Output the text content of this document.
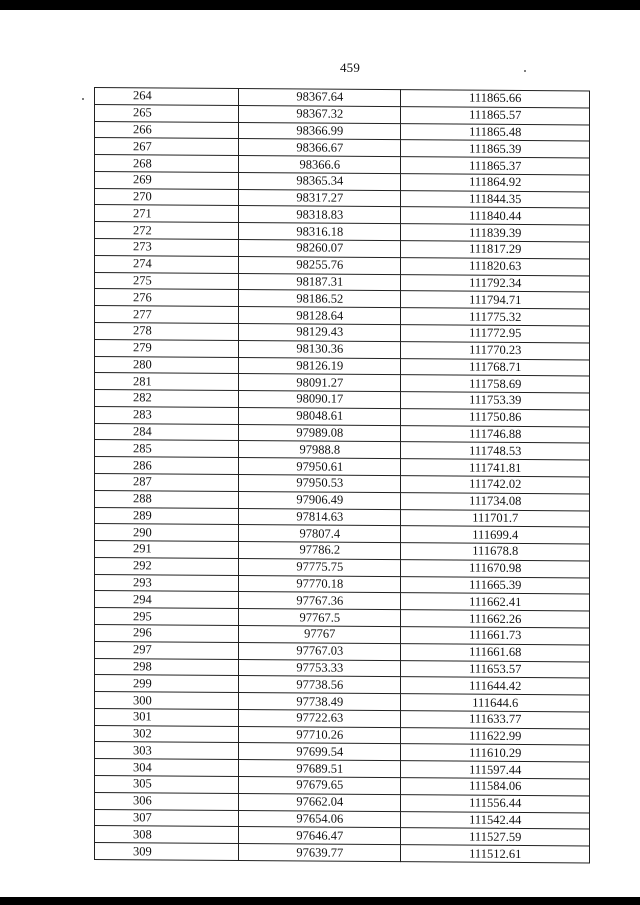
459
264	98367.64	111865.66
265	98367.32	111865.57
266	98366.99	111865.48
267	98366.67	111865.39
268	98366.6	111865.37
269	98365.34	111864.92
270	98317.27	111844.35
271	98318.83	111840.44
272	98316.18	111839.39
273	98260.07	111817.29
274	98255.76	111820.63
275	98187.31	111792.34
276	98186.52	111794.71
277	98128.64	111775.32
278	98129.43	111772.95
279	98130.36	111770.23
280	98126.19	111768.71
281	98091.27	111758.69
282	98090.17	111753.39
283	98048.61	111750.86
284	97989.08	111746.88
285	97988.8	111748.53
286	97950.61	111741.81
287	97950.53	111742.02
288	97906.49	111734.08
289	97814.63	111701.7
290	97807.4	111699.4
291	97786.2	111678.8
292	97775.75	111670.98
293	97770.18	111665.39
294	97767.36	111662.41
295	97767.5	111662.26
296	97767	111661.73
297	97767.03	111661.68
298	97753.33	111653.57
299	97738.56	111644.42
300	97738.49	111644.6
301	97722.63	111633.77
302	97710.26	111622.99
303	97699.54	111610.29
304	97689.51	111597.44
305	97679.65	111584.06
306	97662.04	111556.44
307	97654.06	111542.44
308	97646.47	111527.59
309	97639.77	111512.61
